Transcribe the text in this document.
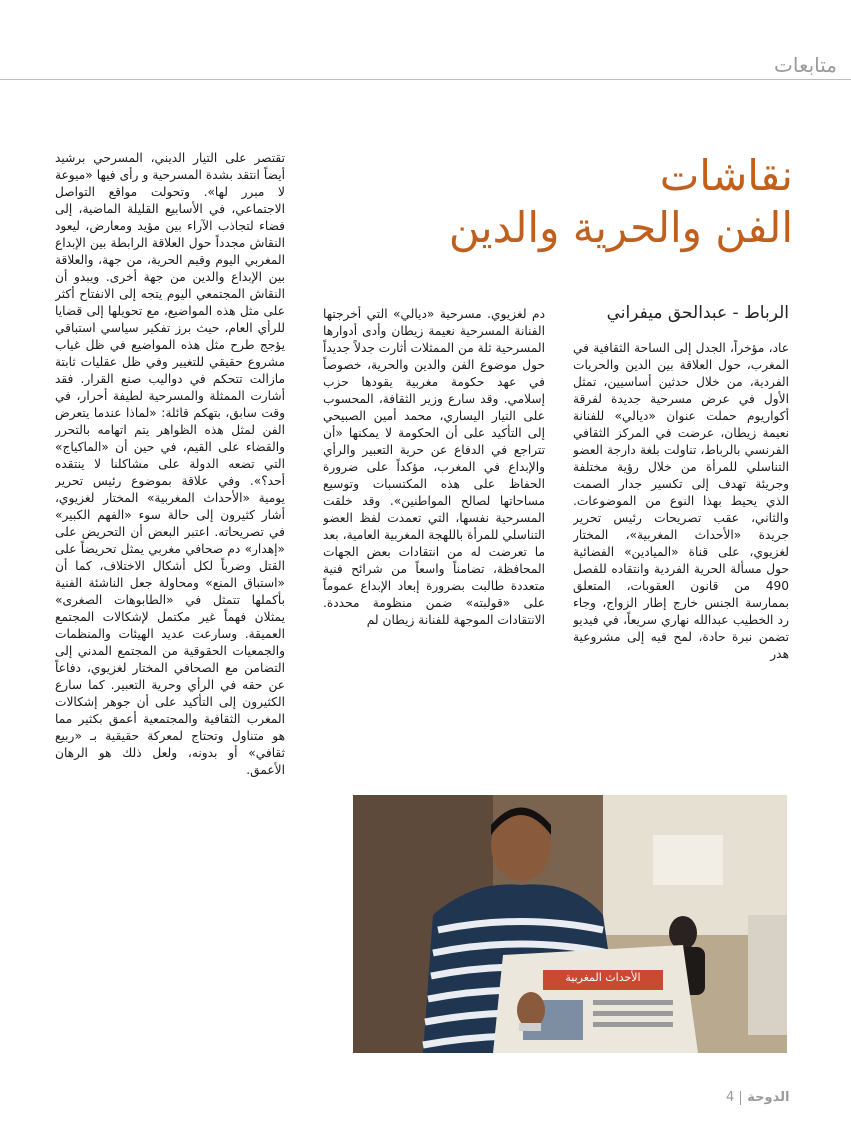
متابعات
نقاشات
الفن والحرية والدين
الرباط - عبدالحق ميفراني
عاد، مؤخراً، الجدل إلى الساحة الثقافية في المغرب، حول العلاقة بين الدين والحريات الفردية، من خلال حدثين أساسيين، تمثل الأول في عرض مسرحية جديدة لفرقة أكواريوم حملت عنوان «ديالي» للفنانة نعيمة زيطان، عرضت في المركز الثقافي الفرنسي بالرباط، تناولت بلغة دارجة العضو التناسلي للمرأة من خلال رؤية مختلفة وجريئة تهدف إلى تكسير جدار الصمت الذي يحيط بهذا النوع من الموضوعات. والثاني، عقب تصريحات رئيس تحرير جريدة «الأحداث المغربية»، المختار لغزيوي، على قناة «الميادين» الفضائية حول مسألة الحرية الفردية وانتقاده للفصل 490 من قانون العقوبات، المتعلق بممارسة الجنس خارج إطار الزواج، وجاء رد الخطيب عبدالله نهاري سريعاً، في فيديو تضمن نبرة حادة، لمح فيه إلى مشروعية هدر
دم لغزيوي. مسرحية «ديالي» التي أخرجتها الفنانة المسرحية نعيمة زيطان وأدى أدوارها المسرحية ثلة من الممثلات أثارت جدلاً جديداً حول موضوع الفن والدين والحرية، خصوصاً في عهد حكومة مغربية يقودها حزب إسلامي. وقد سارع وزير الثقافة، المحسوب على التيار اليساري، محمد أمين الصبيحي إلى التأكيد على أن الحكومة لا يمكنها «أن تتراجع في الدفاع عن حرية التعبير والرأي والإبداع في المغرب، مؤكداً على ضرورة الحفاظ على هذه المكتسبات وتوسيع مساحاتها لصالح المواطنين». وقد خلقت المسرحية نفسها، التي تعمدت لفظ العضو التناسلي للمرأة باللهجة المغربية العامية، بعد ما تعرضت له من انتقادات بعض الجهات المحافظة، تضامناً واسعاً من شرائح فنية متعددة طالبت بضرورة إبعاد الإبداع عموماً على «قولبته» ضمن منظومة محددة. الانتقادات الموجهة للفنانة زيطان لم
تقتصر على التيار الديني، المسرحي برشيد أيضاً انتقد بشدة المسرحية و رأى فيها «ميوعة لا مبرر لها». وتحولت مواقع التواصل الاجتماعي، في الأسابيع القليلة الماضية، إلى فضاء لتجاذب الآراء بين مؤيد ومعارض، ليعود النقاش مجدداً حول العلاقة الرابطة بين الإبداع المغربي اليوم وقيم الحرية، من جهة، والعلاقة بين الإبداع والدين من جهة أخرى. ويبدو أن النقاش المجتمعي اليوم يتجه إلى الانفتاح أكثر على مثل هذه المواضيع، مع تحويلها إلى قضايا للرأي العام، حيث برز تفكير سياسي استباقي يؤجج طرح مثل هذه المواضيع في ظل غياب مشروع حقيقي للتغيير وفي ظل عقليات ثابتة مازالت تتحكم في دواليب صنع القرار. فقد أشارت الممثلة والمسرحية لطيفة أحرار، في وقت سابق، بتهكم قائلة: «لماذا عندما يتعرض الفن لمثل هذه الظواهر يتم اتهامه بالتحرر والقضاء على القيم، في حين أن «الماكياج» التي تضعه الدولة على مشاكلنا لا ينتقده أحد؟». وفي علاقة بموضوع رئيس تحرير يومية «الأحداث المغربية» المختار لغزيوي، أشار كثيرون إلى حالة سوء «الفهم الكبير» في تصريحاته. اعتبر البعض أن التحريض على «إهدار» دم صحافي مغربي يمثل تحريضاً على القتل وضرباً لكل أشكال الاختلاف، كما أن «استباق المنع» ومحاولة جعل الناشئة الفنية بأكملها تتمثل في «الطابوهات الصغرى» يمثلان فهماً غير مكتمل لإشكالات المجتمع العميقة. وسارعت عديد الهيئات والمنظمات والجمعيات الحقوقية من المجتمع المدني إلى التضامن مع الصحافي المختار لغزيوي، دفاعاً عن حقه في الرأي وحرية التعبير. كما سارع الكثيرون إلى التأكيد على أن جوهر إشكالات المغرب الثقافية والمجتمعية أعمق بكثير مما هو متناول وتحتاج لمعركة حقيقية بـ «ربيع ثقافي» أو بدونه، ولعل ذلك هو الرهان الأعمق.
الأحداث المغربية
4 الدوحة
